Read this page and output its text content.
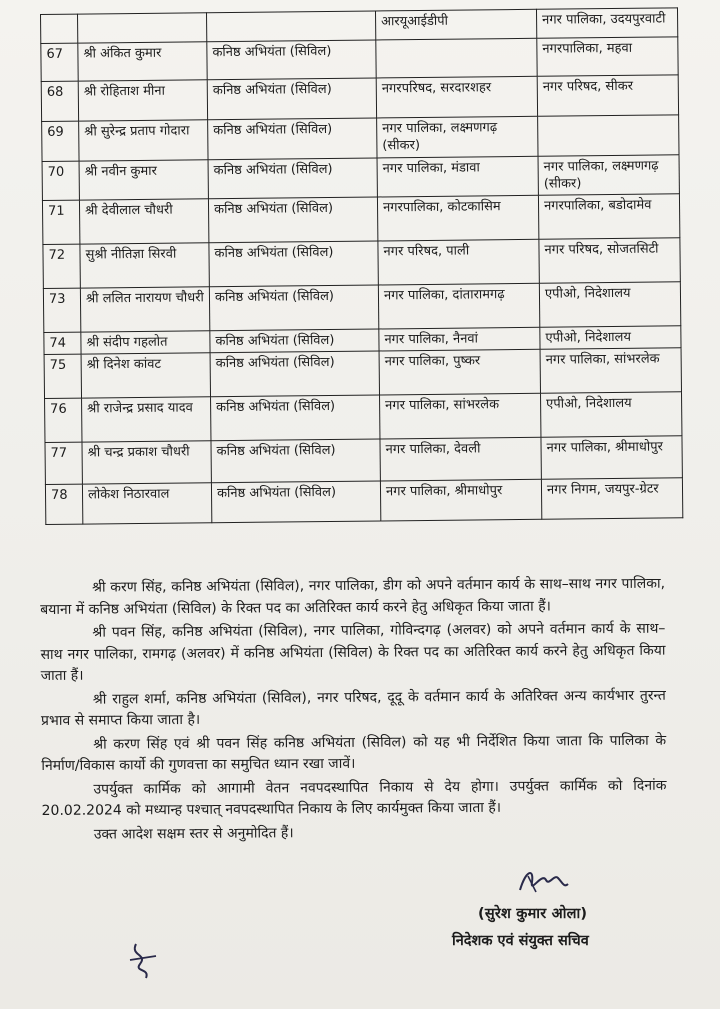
			आरयूआईडीपी	नगर पालिका, उदयपुरवाटी
67	श्री अंकित कुमार	कनिष्ठ अभियंता (सिविल)		नगरपालिका, महवा
68	श्री रोहिताश मीना	कनिष्ठ अभियंता (सिविल)	नगरपरिषद, सरदारशहर	नगर परिषद, सीकर
69	श्री सुरेन्द्र प्रताप गोदारा	कनिष्ठ अभियंता (सिविल)	नगर पालिका, लक्ष्मणगढ़ (सीकर)	
70	श्री नवीन कुमार	कनिष्ठ अभियंता (सिविल)	नगर पालिका, मंडावा	नगर पालिका, लक्ष्मणगढ़ (सीकर)
71	श्री देवीलाल चौधरी	कनिष्ठ अभियंता (सिविल)	नगरपालिका, कोटकासिम	नगरपालिका, बडोदामेव
72	सुश्री नीतिज्ञा सिरवी	कनिष्ठ अभियंता (सिविल)	नगर परिषद, पाली	नगर परिषद, सोजतसिटी
73	श्री ललित नारायण चौधरी	कनिष्ठ अभियंता (सिविल)	नगर पालिका, दांतारामगढ़	एपीओ, निदेशालय
74	श्री संदीप गहलोत	कनिष्ठ अभियंता (सिविल)	नगर पालिका, नैनवां	एपीओ, निदेशालय
75	श्री दिनेश कांवट	कनिष्ठ अभियंता (सिविल)	नगर पालिका, पुष्कर	नगर पालिका, सांभरलेक
76	श्री राजेन्द्र प्रसाद यादव	कनिष्ठ अभियंता (सिविल)	नगर पालिका, सांभरलेक	एपीओ, निदेशालय
77	श्री चन्द्र प्रकाश चौधरी	कनिष्ठ अभियंता (सिविल)	नगर पालिका, देवली	नगर पालिका, श्रीमाधोपुर
78	लोकेश निठारवाल	कनिष्ठ अभियंता (सिविल)	नगर पालिका, श्रीमाधोपुर	नगर निगम, जयपुर-ग्रेटर

श्री करण सिंह, कनिष्ठ अभियंता (सिविल), नगर पालिका, डीग को अपने वर्तमान कार्य के साथ–साथ नगर पालिका, बयाना में कनिष्ठ अभियंता (सिविल) के रिक्त पद का अतिरिक्त कार्य करने हेतु अधिकृत किया जाता हैं।

श्री पवन सिंह, कनिष्ठ अभियंता (सिविल), नगर पालिका, गोविन्दगढ़ (अलवर) को अपने वर्तमान कार्य के साथ–साथ नगर पालिका, रामगढ़ (अलवर) में कनिष्ठ अभियंता (सिविल) के रिक्त पद का अतिरिक्त कार्य करने हेतु अधिकृत किया जाता हैं।

श्री राहुल शर्मा, कनिष्ठ अभियंता (सिविल), नगर परिषद, दूदू के वर्तमान कार्य के अतिरिक्त अन्य कार्यभार तुरन्त प्रभाव से समाप्त किया जाता है।

श्री करण सिंह एवं श्री पवन सिंह कनिष्ठ अभियंता (सिविल) को यह भी निर्देशित किया जाता कि पालिका के निर्माण/विकास कार्यो की गुणवत्ता का समुचित ध्यान रखा जावें।

उपर्युक्त कार्मिक को आगामी वेतन नवपदस्थापित निकाय से देय होगा। उपर्युक्त कार्मिक को दिनांक 20.02.2024 को मध्यान्ह पश्चात् नवपदस्थापित निकाय के लिए कार्यमुक्त किया जाता हैं।

उक्त आदेश सक्षम स्तर से अनुमोदित हैं।

(सुरेश कुमार ओला)
निदेशक एवं संयुक्त सचिव
